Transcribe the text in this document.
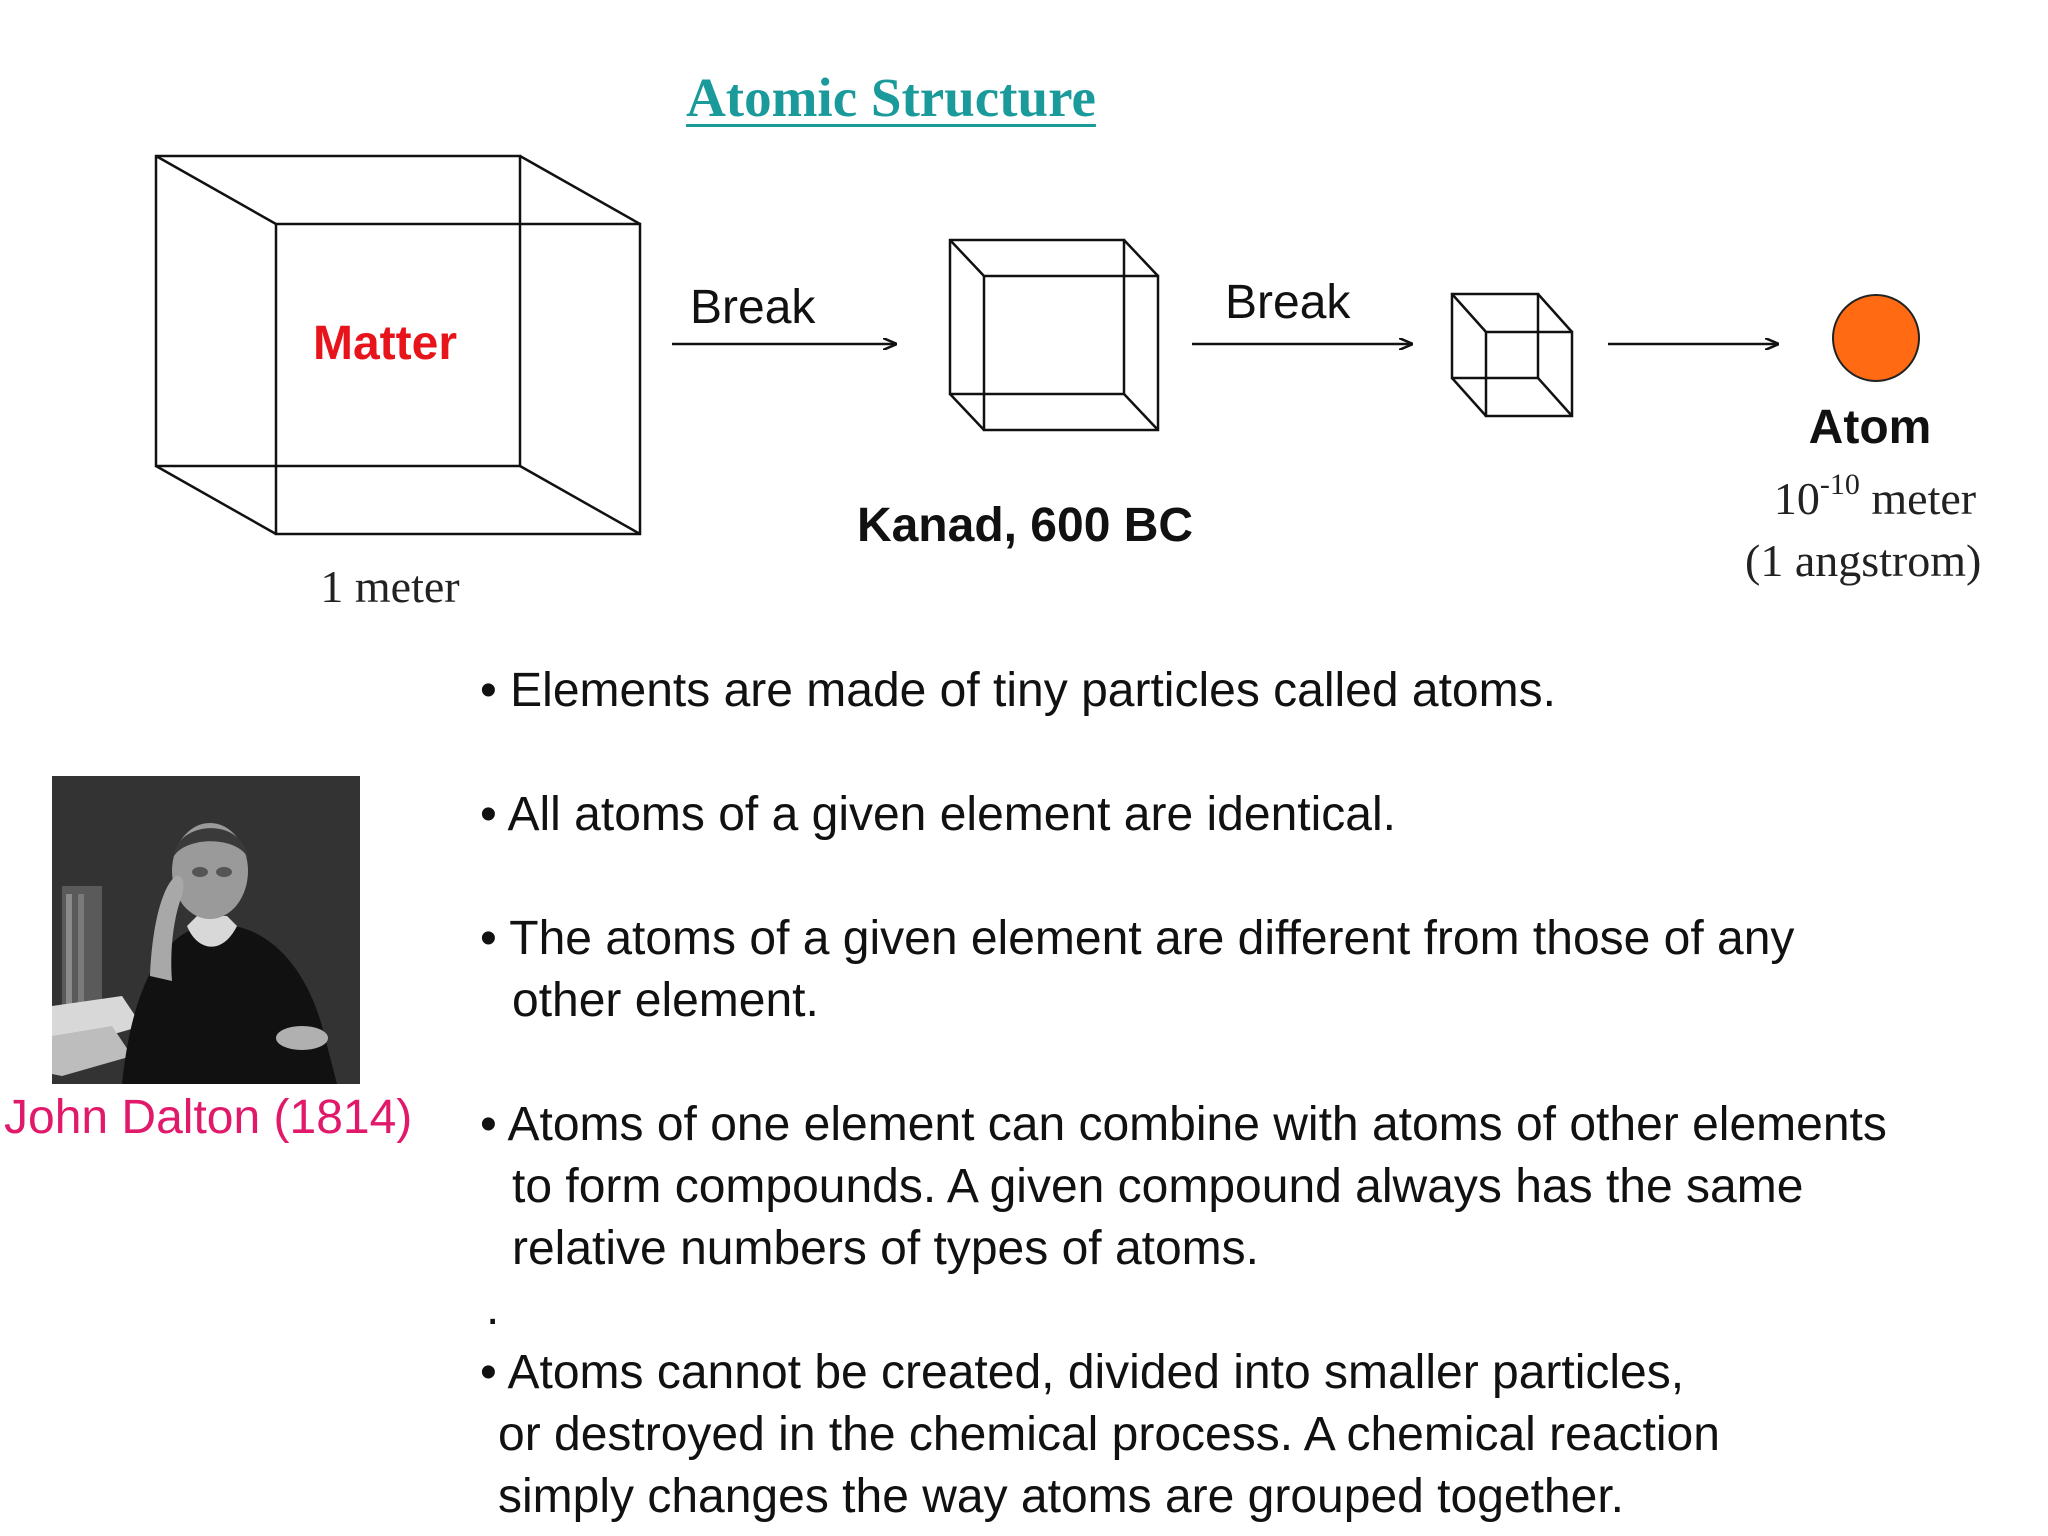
Atomic Structure
Matter
1 meter
Break	Break
Kanad, 600 BC
Atom
$10^{-10}$ meter
(1 angstrom)
John Dalton (1814)
• Elements are made of tiny particles called atoms.
• All atoms of a given element are identical.
• The atoms of a given element are different from those of any
other element.
• Atoms of one element can combine with atoms of other elements
to form compounds. A given compound always has the same
relative numbers of types of atoms.
.
• Atoms cannot be created, divided into smaller particles,
or destroyed in the chemical process. A chemical reaction
simply changes the way atoms are grouped together.
